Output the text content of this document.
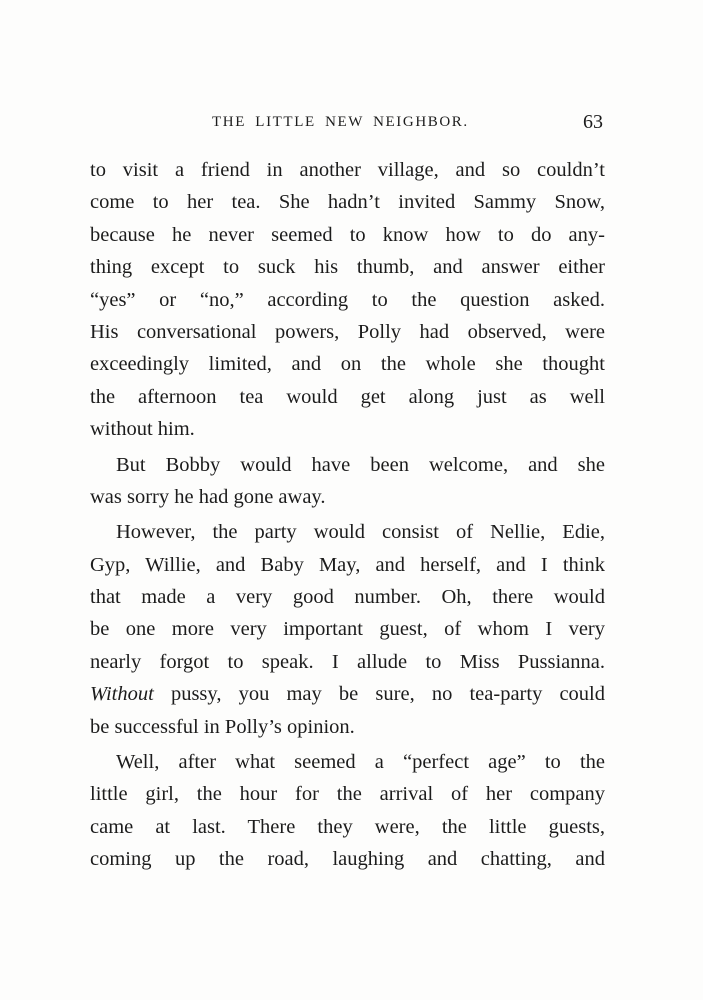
THE LITTLE NEW NEIGHBOR.	63
to visit a friend in another village, and so couldn’t
come to her tea. She hadn’t invited Sammy Snow,
because he never seemed to know how to do any-
thing except to suck his thumb, and answer either
“yes” or “no,” according to the question asked.
His conversational powers, Polly had observed, were
exceedingly limited, and on the whole she thought
the afternoon tea would get along just as well
without him.
But Bobby would have been welcome, and she
was sorry he had gone away.
However, the party would consist of Nellie, Edie,
Gyp, Willie, and Baby May, and herself, and I think
that made a very good number. Oh, there would
be one more very important guest, of whom I very
nearly forgot to speak. I allude to Miss Pussianna.
Without pussy, you may be sure, no tea-party could
be successful in Polly’s opinion.
Well, after what seemed a “perfect age” to the
little girl, the hour for the arrival of her company
came at last. There they were, the little guests,
coming up the road, laughing and chatting, and
